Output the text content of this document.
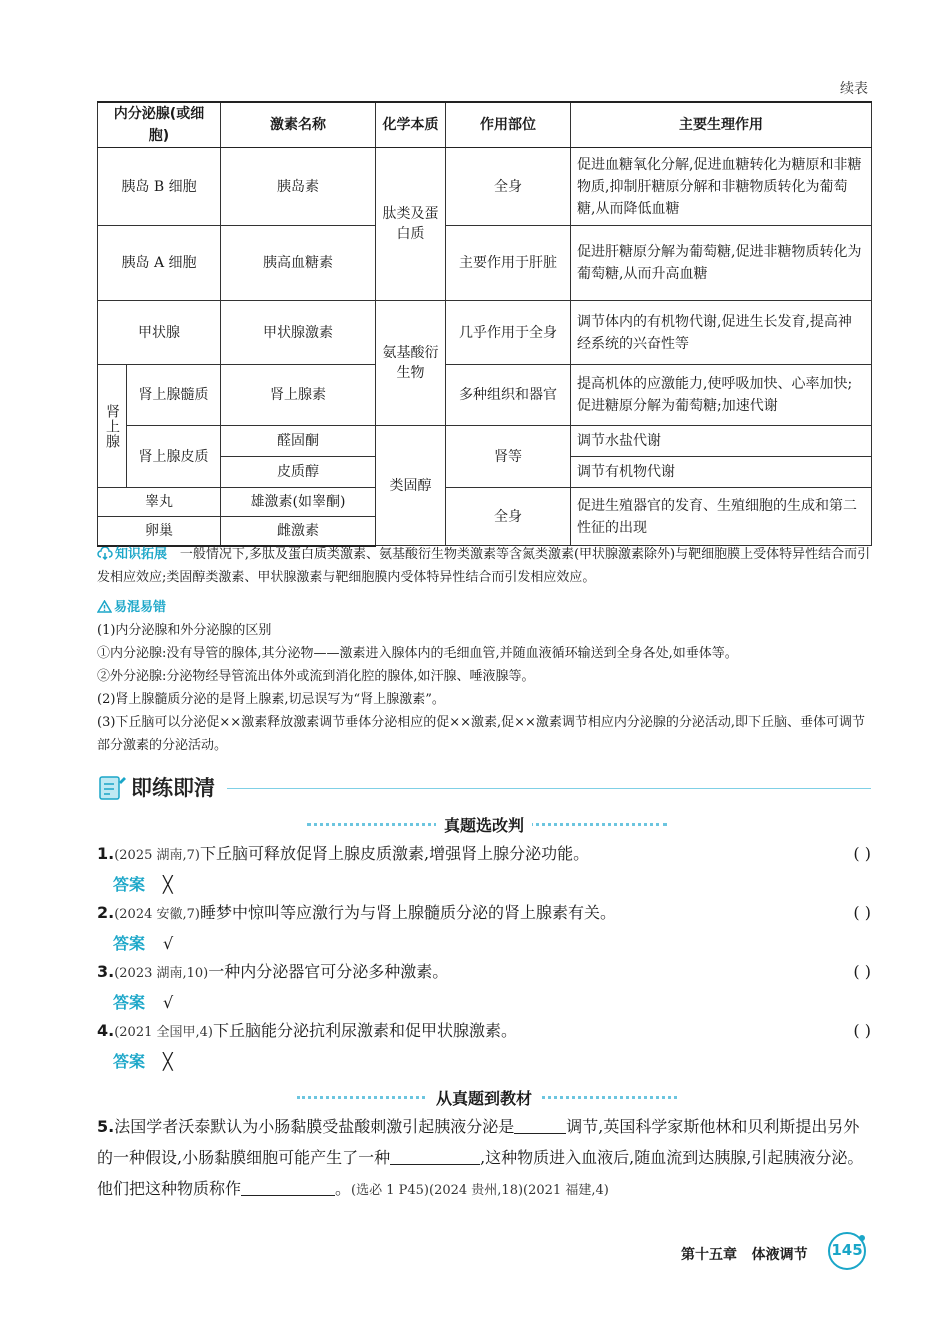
续表
内分泌腺(或细胞)		激素名称	化学本质	作用部位	主要生理作用
胰岛 B 细胞		胰岛素	肽类及蛋白质	全身	促进血糖氧化分解,促进血糖转化为糖原和非糖物质,抑制肝糖原分解和非糖物质转化为葡萄糖,从而降低血糖
胰岛 A 细胞		胰高血糖素		主要作用于肝脏	促进肝糖原分解为葡萄糖,促进非糖物质转化为葡萄糖,从而升高血糖
甲状腺		甲状腺激素	氨基酸衍生物	几乎作用于全身	调节体内的有机物代谢,促进生长发育,提高神经系统的兴奋性等
肾上腺	肾上腺髓质	肾上腺素		多种组织和器官	提高机体的应激能力,使呼吸加快、心率加快;促进糖原分解为葡萄糖;加速代谢
	肾上腺皮质	醛固酮	类固醇	肾等	调节水盐代谢
		皮质醇			调节有机物代谢
睾丸		雄激素(如睾酮)		全身	促进生殖器官的发育、生殖细胞的生成和第二性征的出现
卵巢		雌激素			
知识拓展 一般情况下,多肽及蛋白质类激素、氨基酸衍生物类激素等含氮类激素(甲状腺激素除外)与靶细胞膜上受体特异性结合而引发相应效应;类固醇类激素、甲状腺激素与靶细胞膜内受体特异性结合而引发相应效应。
易混易错
(1)内分泌腺和外分泌腺的区别
①内分泌腺:没有导管的腺体,其分泌物——激素进入腺体内的毛细血管,并随血液循环输送到全身各处,如垂体等。
②外分泌腺:分泌物经导管流出体外或流到消化腔的腺体,如汗腺、唾液腺等。
(2)肾上腺髓质分泌的是肾上腺素,切忌误写为“肾上腺激素”。
(3)下丘脑可以分泌促××激素释放激素调节垂体分泌相应的促××激素,促××激素调节相应内分泌腺的分泌活动,即下丘脑、垂体可调节部分激素的分泌活动。
即练即清
真题选改判
1.(2025 湖南,7)下丘脑可释放促肾上腺皮质激素,增强肾上腺分泌功能。	( )
答案 ╳
2.(2024 安徽,7)睡梦中惊叫等应激行为与肾上腺髓质分泌的肾上腺素有关。	( )
答案 √
3.(2023 湖南,10)一种内分泌器官可分泌多种激素。	( )
答案 √
4.(2021 全国甲,4)下丘脑能分泌抗利尿激素和促甲状腺激素。	( )
答案 ╳
从真题到教材
5.法国学者沃泰默认为小肠黏膜受盐酸刺激引起胰液分泌是	调节,英国科学家斯他林和贝利斯提出另外的一种假设,小肠黏膜细胞可能产生了一种	,这种物质进入血液后,随血流到达胰腺,引起胰液分泌。他们把这种物质称作	。(选必 1 P45)(2024 贵州,18)(2021 福建,4)
第十五章 体液调节	145
